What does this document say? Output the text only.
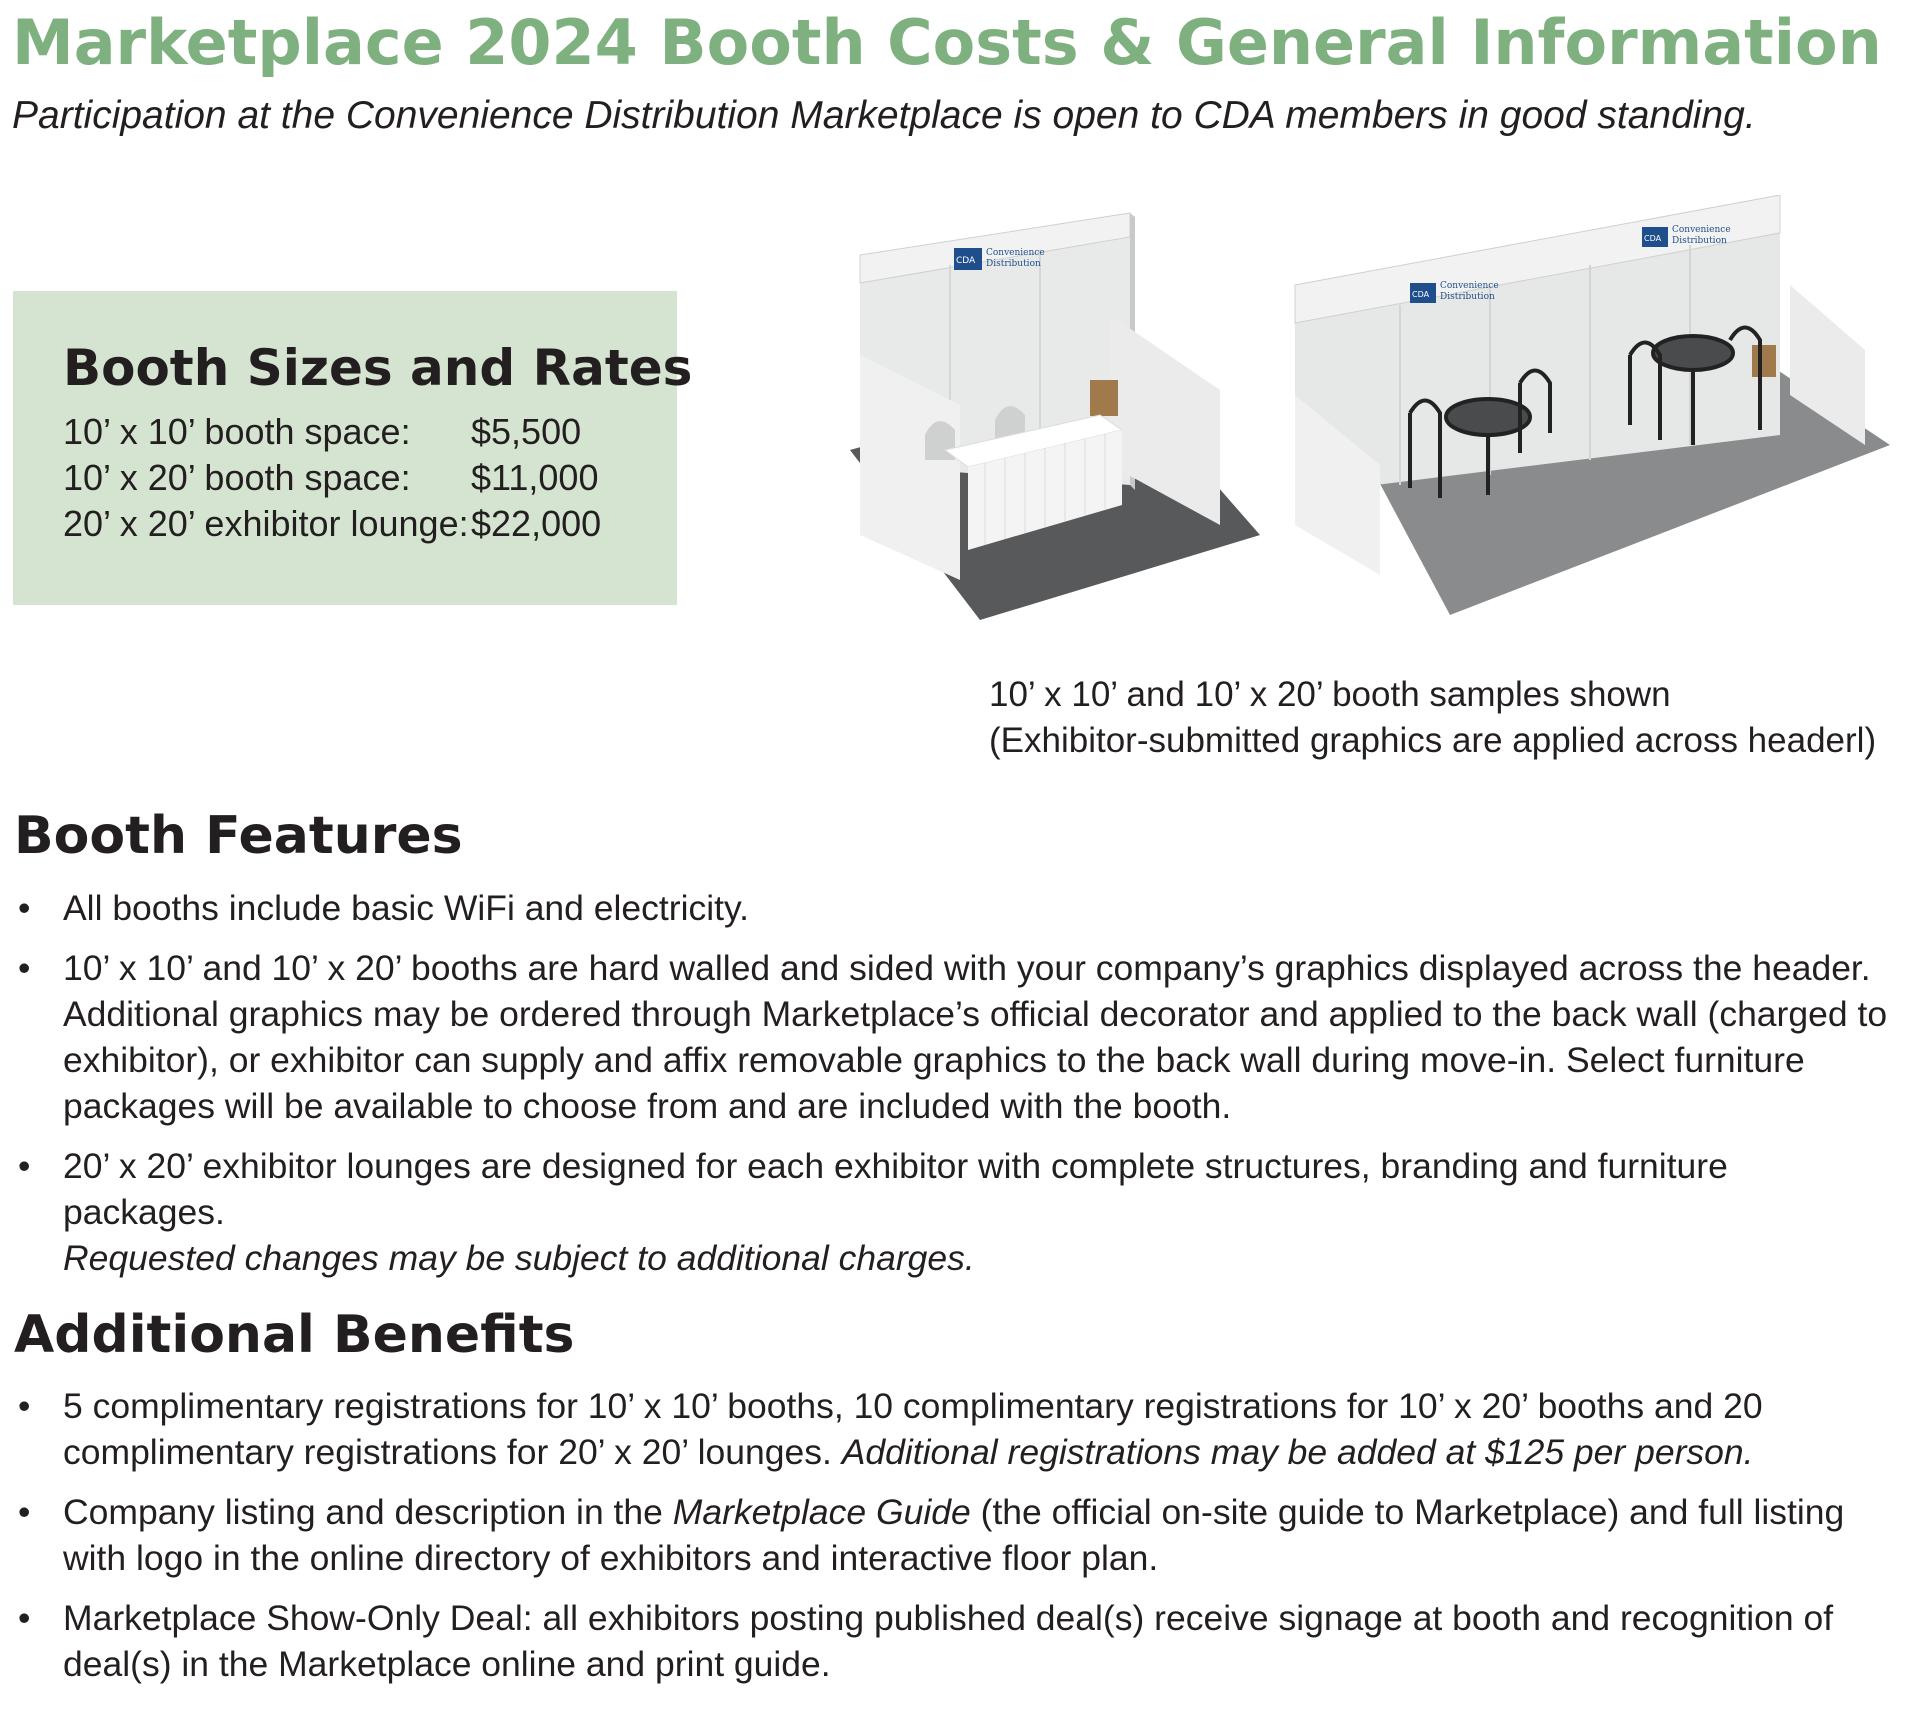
Marketplace 2024 Booth Costs & General Information

Participation at the Convenience Distribution Marketplace is open to CDA members in good standing.

Booth Sizes and Rates
10’ x 10’ booth space:	$5,500
10’ x 20’ booth space:	$11,000
20’ x 20’ exhibitor lounge: $22,000
CDA
Convenience
Distribution
CDA
Convenience
Distribution
CDA
Convenience
Distribution
10’ x 10’ and 10’ x 20’ booth samples shown
(Exhibitor-submitted graphics are applied across headerl)
Booth Features
• All booths include basic WiFi and electricity.
• 10’ x 10’ and 10’ x 20’ booths are hard walled and sided with your company’s graphics displayed across the header. Additional graphics may be ordered through Marketplace’s official decorator and applied to the back wall (charged to exhibitor), or exhibitor can supply and affix removable graphics to the back wall during move-in. Select furniture packages will be available to choose from and are included with the booth.
• 20’ x 20’ exhibitor lounges are designed for each exhibitor with complete structures, branding and furniture packages.
Requested changes may be subject to additional charges.
Additional Benefits
• 5 complimentary registrations for 10’ x 10’ booths, 10 complimentary registrations for 10’ x 20’ booths and 20 complimentary registrations for 20’ x 20’ lounges. Additional registrations may be added at $125 per person.
• Company listing and description in the Marketplace Guide (the official on-site guide to Marketplace) and full listing with logo in the online directory of exhibitors and interactive floor plan.
• Marketplace Show-Only Deal: all exhibitors posting published deal(s) receive signage at booth and recognition of deal(s) in the Marketplace online and print guide.
